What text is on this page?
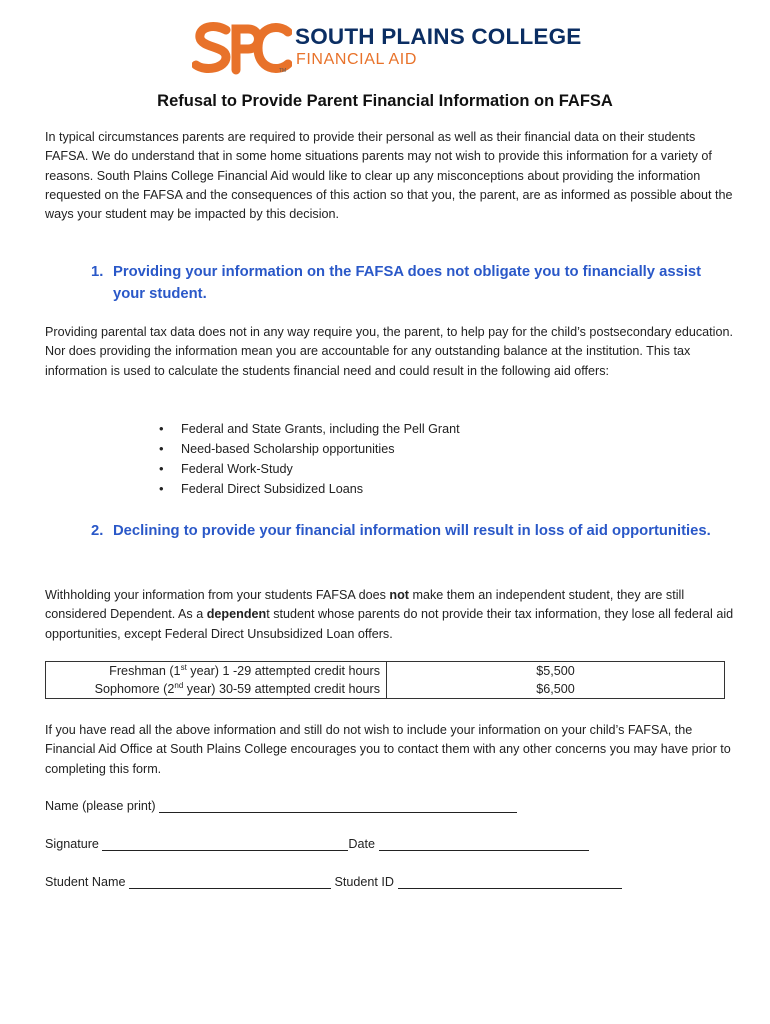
SOUTH PLAINS COLLEGE
FINANCIAL AID
TM
Refusal to Provide Parent Financial Information on FAFSA

In typical circumstances parents are required to provide their personal as well as their financial data on their students FAFSA. We do understand that in some home situations parents may not wish to provide this information for a variety of reasons. South Plains College Financial Aid would like to clear up any misconceptions about providing the information requested on the FAFSA and the consequences of this action so that you, the parent, are as informed as possible about the ways your student may be impacted by this decision.

1. Providing your information on the FAFSA does not obligate you to financially assist your student.

Providing parental tax data does not in any way require you, the parent, to help pay for the child’s postsecondary education. Nor does providing the information mean you are accountable for any outstanding balance at the institution. This tax information is used to calculate the students financial need and could result in the following aid offers:

• Federal and State Grants, including the Pell Grant
• Need-based Scholarship opportunities
• Federal Work-Study
• Federal Direct Subsidized Loans
2. Declining to provide your financial information will result in loss of aid opportunities.

Withholding your information from your students FAFSA does not make them an independent student, they are still considered Dependent. As a dependent student whose parents do not provide their tax information, they lose all federal aid opportunities, except Federal Direct Unsubsidized Loan offers.

Freshman (1st year) 1 -29 attempted credit hours	$5,500
Sophomore (2nd year) 30-59 attempted credit hours	$6,500

If you have read all the above information and still do not wish to include your information on your child’s FAFSA, the Financial Aid Office at South Plains College encourages you to contact them with any other concerns you may have prior to completing this form.

Name (please print)
Signature	Date
Student Name	Student ID
